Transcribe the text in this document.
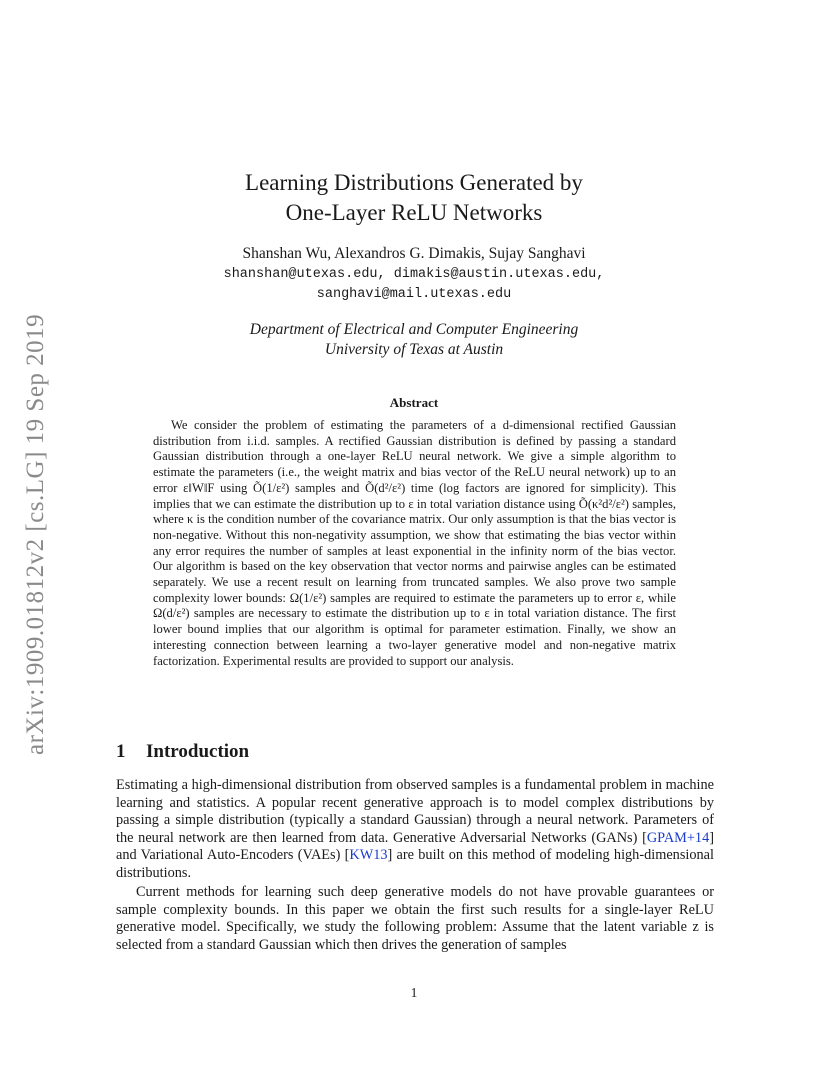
arXiv:1909.01812v2 [cs.LG] 19 Sep 2019
Learning Distributions Generated by
One-Layer ReLU Networks
Shanshan Wu, Alexandros G. Dimakis, Sujay Sanghavi
shanshan@utexas.edu, dimakis@austin.utexas.edu,
sanghavi@mail.utexas.edu
Department of Electrical and Computer Engineering
University of Texas at Austin
Abstract

We consider the problem of estimating the parameters of a d-dimensional rectified Gaussian distribution from i.i.d. samples. A rectified Gaussian distribution is defined by passing a standard Gaussian distribution through a one-layer ReLU neural network. We give a simple algorithm to estimate the parameters (i.e., the weight matrix and bias vector of the ReLU neural network) up to an error ε‖W‖F using Õ(1/ε²) samples and Õ(d²/ε²) time (log factors are ignored for simplicity). This implies that we can estimate the distribution up to ε in total variation distance using Õ(κ²d²/ε²) samples, where κ is the condition number of the covariance matrix. Our only assumption is that the bias vector is non-negative. Without this non-negativity assumption, we show that estimating the bias vector within any error requires the number of samples at least exponential in the infinity norm of the bias vector. Our algorithm is based on the key observation that vector norms and pairwise angles can be estimated separately. We use a recent result on learning from truncated samples. We also prove two sample complexity lower bounds: Ω(1/ε²) samples are required to estimate the parameters up to error ε, while Ω(d/ε²) samples are necessary to estimate the distribution up to ε in total variation distance. The first lower bound implies that our algorithm is optimal for parameter estimation. Finally, we show an interesting connection between learning a two-layer generative model and non-negative matrix factorization. Experimental results are provided to support our analysis.

1 Introduction

Estimating a high-dimensional distribution from observed samples is a fundamental problem in machine learning and statistics. A popular recent generative approach is to model complex distributions by passing a simple distribution (typically a standard Gaussian) through a neural network. Parameters of the neural network are then learned from data. Generative Adversarial Networks (GANs) [GPAM+14] and Variational Auto-Encoders (VAEs) [KW13] are built on this method of modeling high-dimensional distributions.

Current methods for learning such deep generative models do not have provable guarantees or sample complexity bounds. In this paper we obtain the first such results for a single-layer ReLU generative model. Specifically, we study the following problem: Assume that the latent variable z is selected from a standard Gaussian which then drives the generation of samples

1
